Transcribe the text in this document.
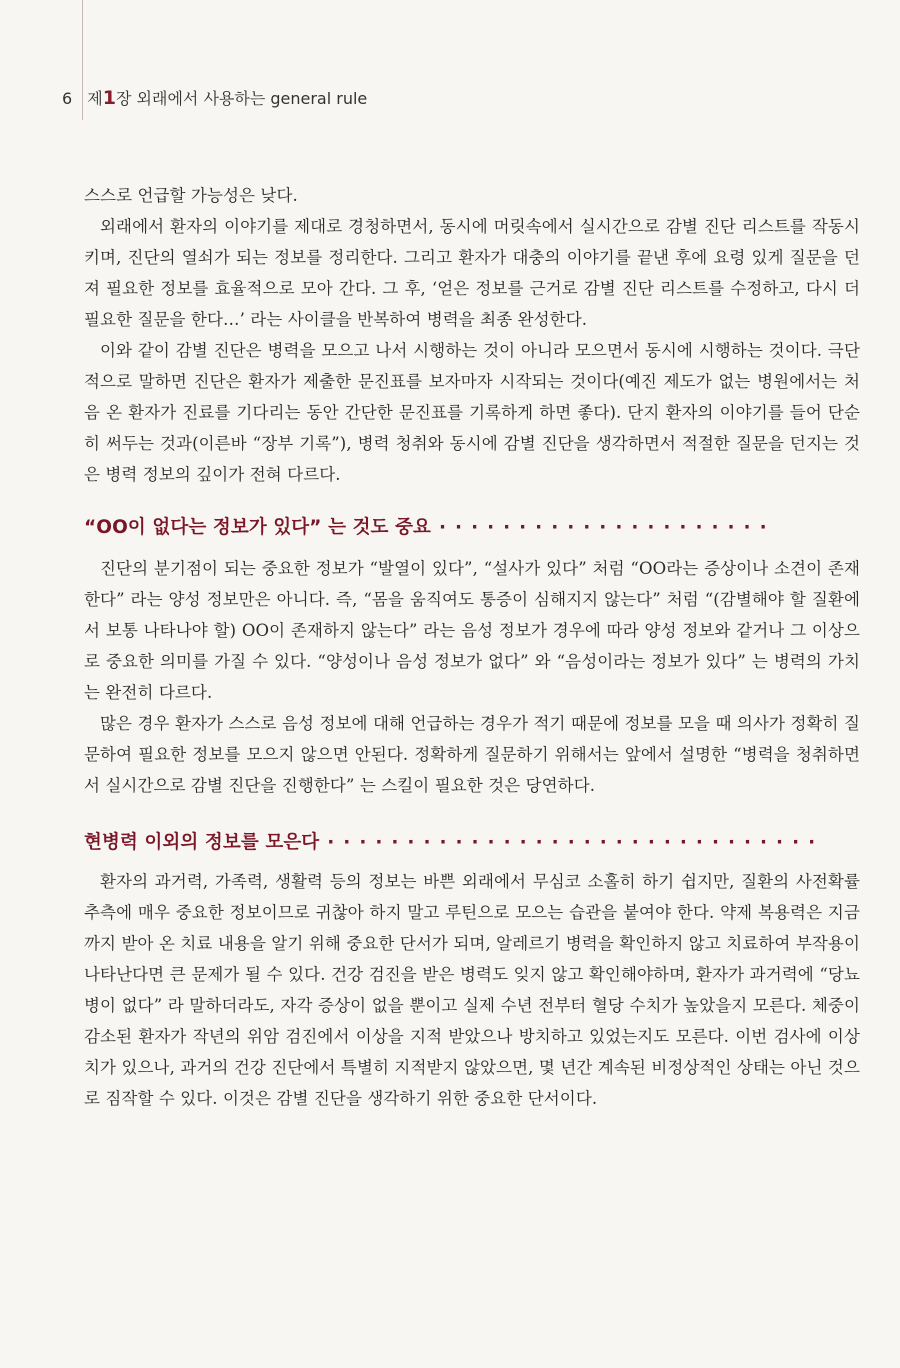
6 제1장 외래에서 사용하는 general rule

스스로 언급할 가능성은 낮다.

외래에서 환자의 이야기를 제대로 경청하면서, 동시에 머릿속에서 실시간으로 감별 진단 리스트를 작동시키며, 진단의 열쇠가 되는 정보를 정리한다. 그리고 환자가 대충의 이야기를 끝낸 후에 요령 있게 질문을 던져 필요한 정보를 효율적으로 모아 간다. 그 후, ‘얻은 정보를 근거로 감별 진단 리스트를 수정하고, 다시 더 필요한 질문을 한다…’ 라는 사이클을 반복하여 병력을 최종 완성한다.

이와 같이 감별 진단은 병력을 모으고 나서 시행하는 것이 아니라 모으면서 동시에 시행하는 것이다. 극단적으로 말하면 진단은 환자가 제출한 문진표를 보자마자 시작되는 것이다(예진 제도가 없는 병원에서는 처음 온 환자가 진료를 기다리는 동안 간단한 문진표를 기록하게 하면 좋다). 단지 환자의 이야기를 들어 단순히 써두는 것과(이른바 “장부 기록”), 병력 청취와 동시에 감별 진단을 생각하면서 적절한 질문을 던지는 것은 병력 정보의 깊이가 전혀 다르다.

“OO이 없다는 정보가 있다” 는 것도 중요 ·····················

진단의 분기점이 되는 중요한 정보가 “발열이 있다”, “설사가 있다” 처럼 “OO라는 증상이나 소견이 존재한다” 라는 양성 정보만은 아니다. 즉, “몸을 움직여도 통증이 심해지지 않는다” 처럼 “(감별해야 할 질환에서 보통 나타나야 할) OO이 존재하지 않는다” 라는 음성 정보가 경우에 따라 양성 정보와 같거나 그 이상으로 중요한 의미를 가질 수 있다. “양성이나 음성 정보가 없다” 와 “음성이라는 정보가 있다” 는 병력의 가치는 완전히 다르다.

많은 경우 환자가 스스로 음성 정보에 대해 언급하는 경우가 적기 때문에 정보를 모을 때 의사가 정확히 질문하여 필요한 정보를 모으지 않으면 안된다. 정확하게 질문하기 위해서는 앞에서 설명한 “병력을 청취하면서 실시간으로 감별 진단을 진행한다” 는 스킬이 필요한 것은 당연하다.

현병력 이외의 정보를 모은다 ·······························

환자의 과거력, 가족력, 생활력 등의 정보는 바쁜 외래에서 무심코 소홀히 하기 쉽지만, 질환의 사전확률 추측에 매우 중요한 정보이므로 귀찮아 하지 말고 루틴으로 모으는 습관을 붙여야 한다. 약제 복용력은 지금까지 받아 온 치료 내용을 알기 위해 중요한 단서가 되며, 알레르기 병력을 확인하지 않고 치료하여 부작용이 나타난다면 큰 문제가 될 수 있다. 건강 검진을 받은 병력도 잊지 않고 확인해야하며, 환자가 과거력에 “당뇨병이 없다” 라 말하더라도, 자각 증상이 없을 뿐이고 실제 수년 전부터 혈당 수치가 높았을지 모른다. 체중이 감소된 환자가 작년의 위암 검진에서 이상을 지적 받았으나 방치하고 있었는지도 모른다. 이번 검사에 이상치가 있으나, 과거의 건강 진단에서 특별히 지적받지 않았으면, 몇 년간 계속된 비정상적인 상태는 아닌 것으로 짐작할 수 있다. 이것은 감별 진단을 생각하기 위한 중요한 단서이다.
